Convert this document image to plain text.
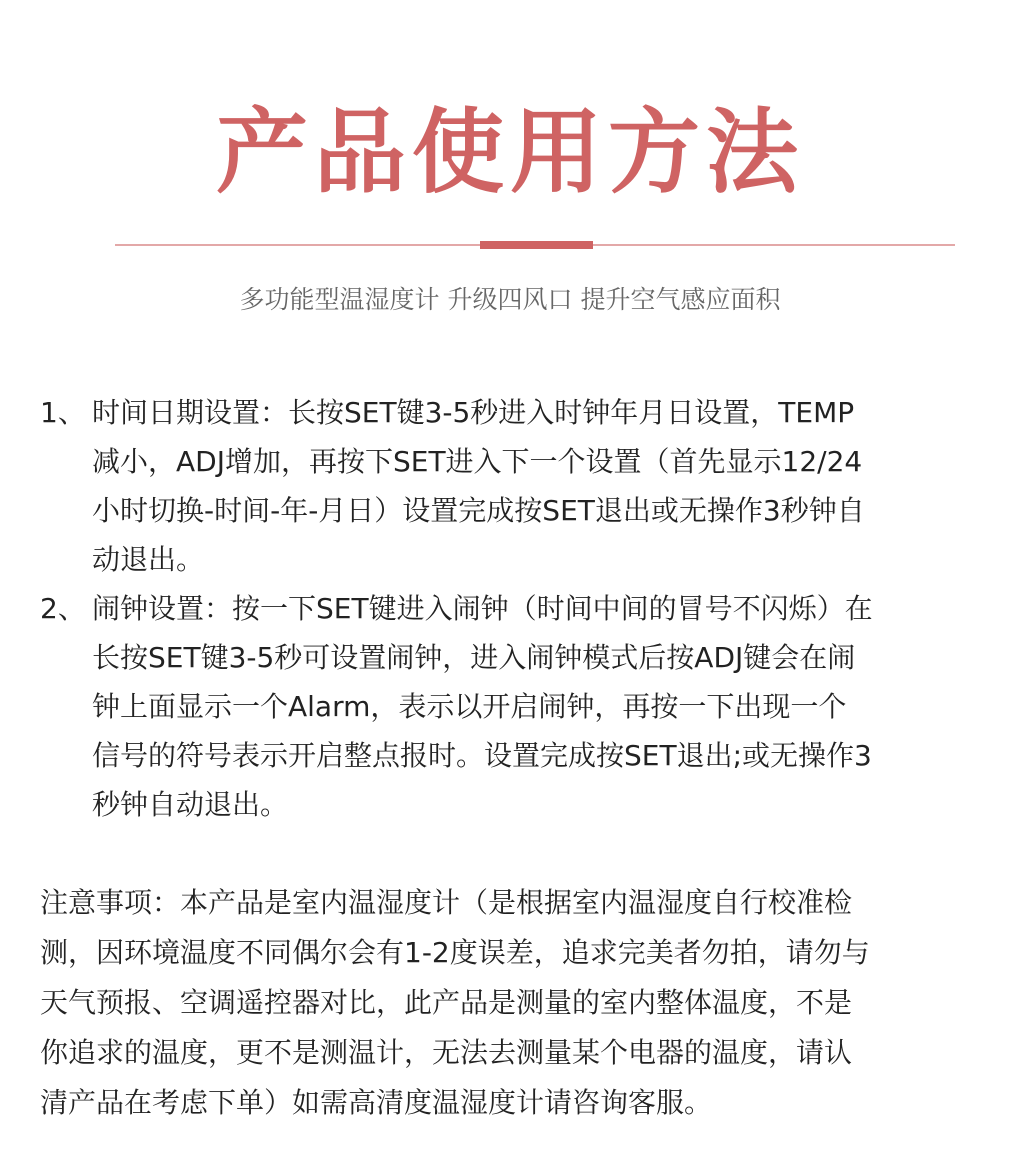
产品使用方法
多功能型温湿度计 升级四风口 提升空气感应面积
1、 时间日期设置：长按SET键3-5秒进入时钟年月日设置，TEMP
减小，ADJ增加，再按下SET进入下一个设置（首先显示12/24
小时切换-时间-年-月日）设置完成按SET退出或无操作3秒钟自
动退出。
2、 闹钟设置：按一下SET键进入闹钟（时间中间的冒号不闪烁）在
长按SET键3-5秒可设置闹钟，进入闹钟模式后按ADJ键会在闹
钟上面显示一个Alarm，表示以开启闹钟，再按一下出现一个
信号的符号表示开启整点报时。设置完成按SET退出;或无操作3
秒钟自动退出。
注意事项：本产品是室内温湿度计（是根据室内温湿度自行校准检
测，因环境温度不同偶尔会有1-2度误差，追求完美者勿拍，请勿与
天气预报、空调遥控器对比，此产品是测量的室内整体温度，不是
你追求的温度，更不是测温计，无法去测量某个电器的温度，请认
清产品在考虑下单）如需高清度温湿度计请咨询客服。
